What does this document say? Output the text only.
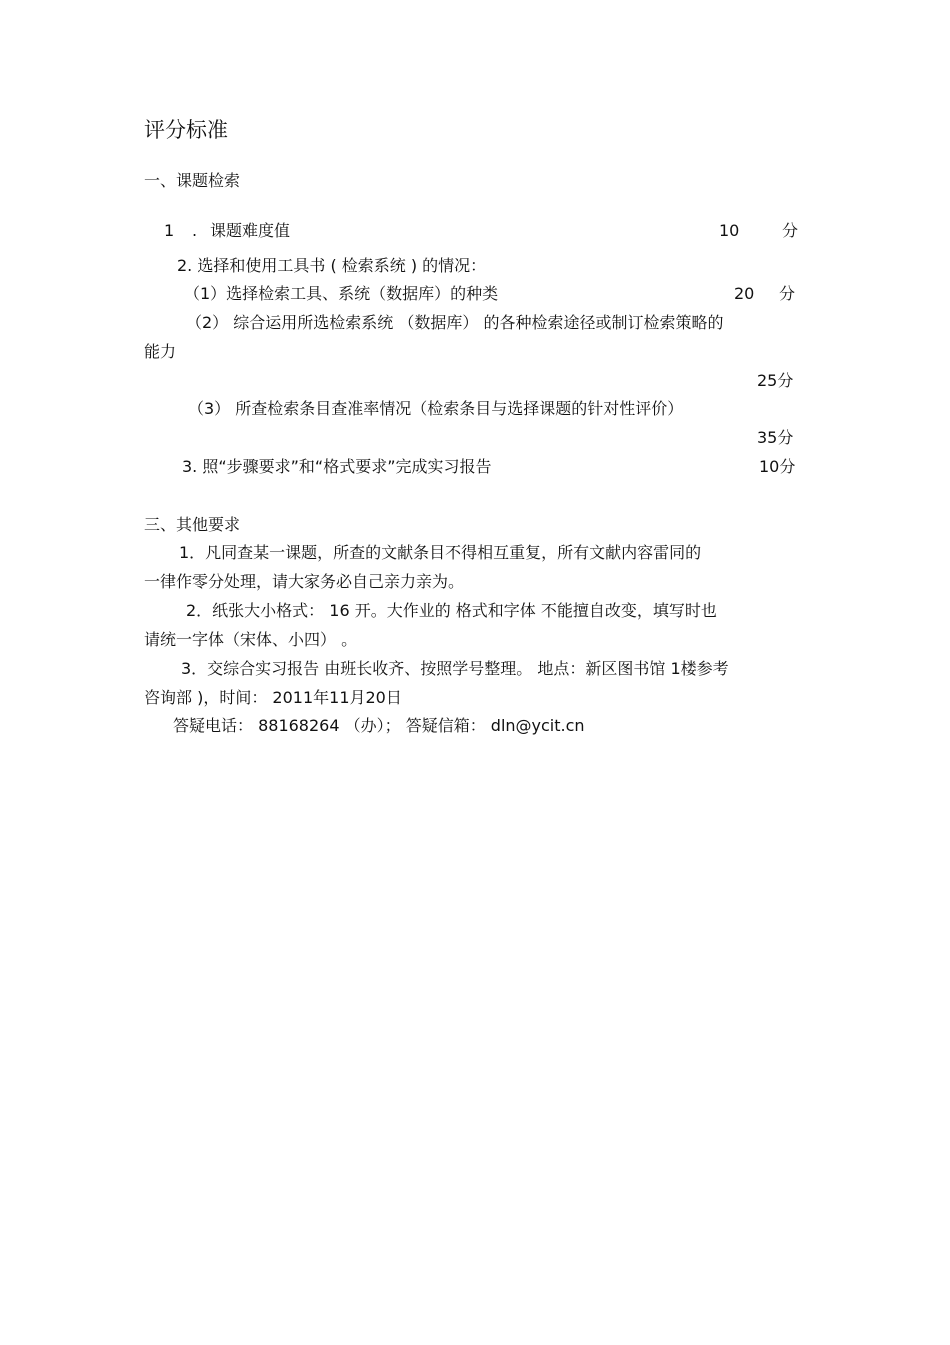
评分标准
一、课题检索
1 . 课题难度值	10	分
2. 选择和使用工具书 ( 检索系统 ) 的情况：
（1）选择检索工具、系统（数据库）的种类	20 分
（2） 综合运用所选检索系统 （数据库） 的各种检索途径或制订检索策略的
能力
25分
（3） 所查检索条目查准率情况（检索条目与选择课题的针对性评价）
35分
3. 照“步骤要求”和“格式要求”完成实习报告	10分
三、其他要求
1．凡同查某一课题，所查的文献条目不得相互重复，所有文献内容雷同的
一律作零分处理，请大家务必自己亲力亲为。
2．纸张大小格式： 16 开。大作业的 格式和字体 不能擅自改变，填写时也
请统一字体（宋体、小四） 。
3．交综合实习报告 由班长收齐、按照学号整理。 地点：新区图书馆 1楼参考
咨询部 )，时间： 2011年11月20日
答疑电话： 88168264 （办）； 答疑信箱： dln@ycit.cn
